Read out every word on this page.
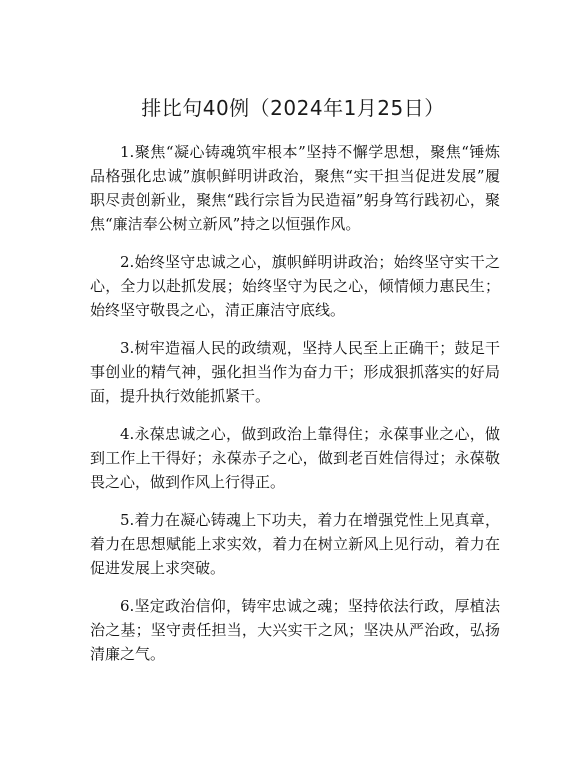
排比句40例（2024年1月25日）

1.聚焦“凝心铸魂筑牢根本”坚持不懈学思想，聚焦“锤炼品格强化忠诚”旗帜鲜明讲政治，聚焦“实干担当促进发展”履职尽责创新业，聚焦“践行宗旨为民造福”躬身笃行践初心，聚焦“廉洁奉公树立新风”持之以恒强作风。

2.始终坚守忠诚之心，旗帜鲜明讲政治；始终坚守实干之心，全力以赴抓发展；始终坚守为民之心，倾情倾力惠民生；始终坚守敬畏之心，清正廉洁守底线。

3.树牢造福人民的政绩观，坚持人民至上正确干；鼓足干事创业的精气神，强化担当作为奋力干；形成狠抓落实的好局面，提升执行效能抓紧干。

4.永葆忠诚之心，做到政治上靠得住；永葆事业之心，做到工作上干得好；永葆赤子之心，做到老百姓信得过；永葆敬畏之心，做到作风上行得正。

5.着力在凝心铸魂上下功夫，着力在增强党性上见真章，着力在思想赋能上求实效，着力在树立新风上见行动，着力在促进发展上求突破。

6.坚定政治信仰，铸牢忠诚之魂；坚持依法行政，厚植法治之基；坚守责任担当，大兴实干之风；坚决从严治政，弘扬清廉之气。
